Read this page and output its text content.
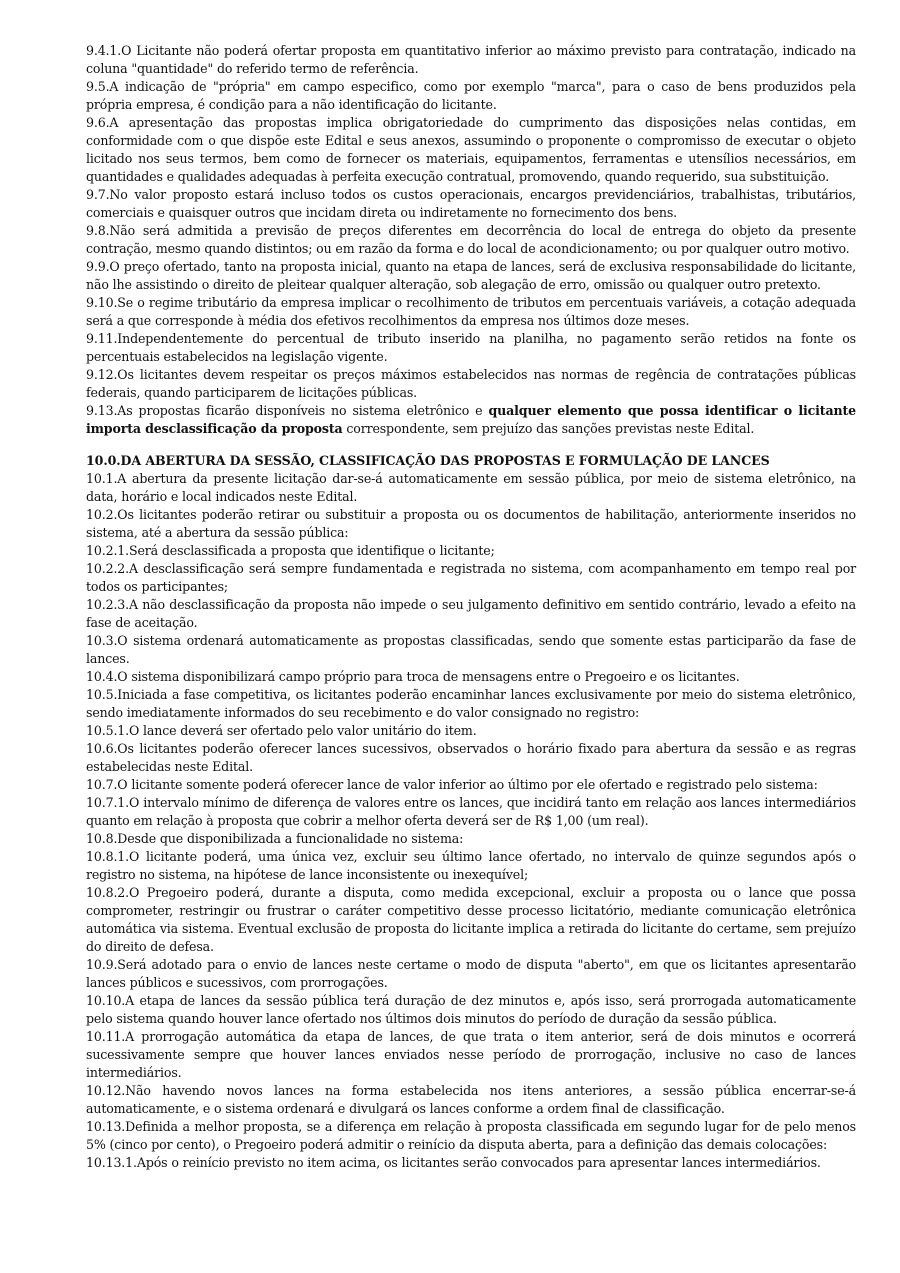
9.4.1.O Licitante não poderá ofertar proposta em quantitativo inferior ao máximo previsto para contratação, indicado na coluna "quantidade" do referido termo de referência.

9.5.A indicação de "própria" em campo especifico, como por exemplo "marca", para o caso de bens produzidos pela própria empresa, é condição para a não identificação do licitante.

9.6.A apresentação das propostas implica obrigatoriedade do cumprimento das disposições nelas contidas, em conformidade com o que dispõe este Edital e seus anexos, assumindo o proponente o compromisso de executar o objeto licitado nos seus termos, bem como de fornecer os materiais, equipamentos, ferramentas e utensílios necessários, em quantidades e qualidades adequadas à perfeita execução contratual, promovendo, quando requerido, sua substituição.

9.7.No valor proposto estará incluso todos os custos operacionais, encargos previdenciários, trabalhistas, tributários, comerciais e quaisquer outros que incidam direta ou indiretamente no fornecimento dos bens.

9.8.Não será admitida a previsão de preços diferentes em decorrência do local de entrega do objeto da presente contração, mesmo quando distintos; ou em razão da forma e do local de acondicionamento; ou por qualquer outro motivo.

9.9.O preço ofertado, tanto na proposta inicial, quanto na etapa de lances, será de exclusiva responsabilidade do licitante, não lhe assistindo o direito de pleitear qualquer alteração, sob alegação de erro, omissão ou qualquer outro pretexto.

9.10.Se o regime tributário da empresa implicar o recolhimento de tributos em percentuais variáveis, a cotação adequada será a que corresponde à média dos efetivos recolhimentos da empresa nos últimos doze meses.

9.11.Independentemente do percentual de tributo inserido na planilha, no pagamento serão retidos na fonte os percentuais estabelecidos na legislação vigente.

9.12.Os licitantes devem respeitar os preços máximos estabelecidos nas normas de regência de contratações públicas federais, quando participarem de licitações públicas.

9.13.As propostas ficarão disponíveis no sistema eletrônico e qualquer elemento que possa identificar o licitante importa desclassificação da proposta correspondente, sem prejuízo das sanções previstas neste Edital.

10.0.DA ABERTURA DA SESSÃO, CLASSIFICAÇÃO DAS PROPOSTAS E FORMULAÇÃO DE LANCES

10.1.A abertura da presente licitação dar-se-á automaticamente em sessão pública, por meio de sistema eletrônico, na data, horário e local indicados neste Edital.

10.2.Os licitantes poderão retirar ou substituir a proposta ou os documentos de habilitação, anteriormente inseridos no sistema, até a abertura da sessão pública:

10.2.1.Será desclassificada a proposta que identifique o licitante;

10.2.2.A desclassificação será sempre fundamentada e registrada no sistema, com acompanhamento em tempo real por todos os participantes;

10.2.3.A não desclassificação da proposta não impede o seu julgamento definitivo em sentido contrário, levado a efeito na fase de aceitação.

10.3.O sistema ordenará automaticamente as propostas classificadas, sendo que somente estas participarão da fase de lances.

10.4.O sistema disponibilizará campo próprio para troca de mensagens entre o Pregoeiro e os licitantes.

10.5.Iniciada a fase competitiva, os licitantes poderão encaminhar lances exclusivamente por meio do sistema eletrônico, sendo imediatamente informados do seu recebimento e do valor consignado no registro:

10.5.1.O lance deverá ser ofertado pelo valor unitário do item.

10.6.Os licitantes poderão oferecer lances sucessivos, observados o horário fixado para abertura da sessão e as regras estabelecidas neste Edital.

10.7.O licitante somente poderá oferecer lance de valor inferior ao último por ele ofertado e registrado pelo sistema:

10.7.1.O intervalo mínimo de diferença de valores entre os lances, que incidirá tanto em relação aos lances intermediários quanto em relação à proposta que cobrir a melhor oferta deverá ser de R$ 1,00 (um real).

10.8.Desde que disponibilizada a funcionalidade no sistema:

10.8.1.O licitante poderá, uma única vez, excluir seu último lance ofertado, no intervalo de quinze segundos após o registro no sistema, na hipótese de lance inconsistente ou inexequível;

10.8.2.O Pregoeiro poderá, durante a disputa, como medida excepcional, excluir a proposta ou o lance que possa comprometer, restringir ou frustrar o caráter competitivo desse processo licitatório, mediante comunicação eletrônica automática via sistema. Eventual exclusão de proposta do licitante implica a retirada do licitante do certame, sem prejuízo do direito de defesa.

10.9.Será adotado para o envio de lances neste certame o modo de disputa "aberto", em que os licitantes apresentarão lances públicos e sucessivos, com prorrogações.

10.10.A etapa de lances da sessão pública terá duração de dez minutos e, após isso, será prorrogada automaticamente pelo sistema quando houver lance ofertado nos últimos dois minutos do período de duração da sessão pública.

10.11.A prorrogação automática da etapa de lances, de que trata o item anterior, será de dois minutos e ocorrerá sucessivamente sempre que houver lances enviados nesse período de prorrogação, inclusive no caso de lances intermediários.

10.12.Não havendo novos lances na forma estabelecida nos itens anteriores, a sessão pública encerrar-se-á automaticamente, e o sistema ordenará e divulgará os lances conforme a ordem final de classificação.

10.13.Definida a melhor proposta, se a diferença em relação à proposta classificada em segundo lugar for de pelo menos 5% (cinco por cento), o Pregoeiro poderá admitir o reinício da disputa aberta, para a definição das demais colocações:

10.13.1.Após o reinício previsto no item acima, os licitantes serão convocados para apresentar lances intermediários.
